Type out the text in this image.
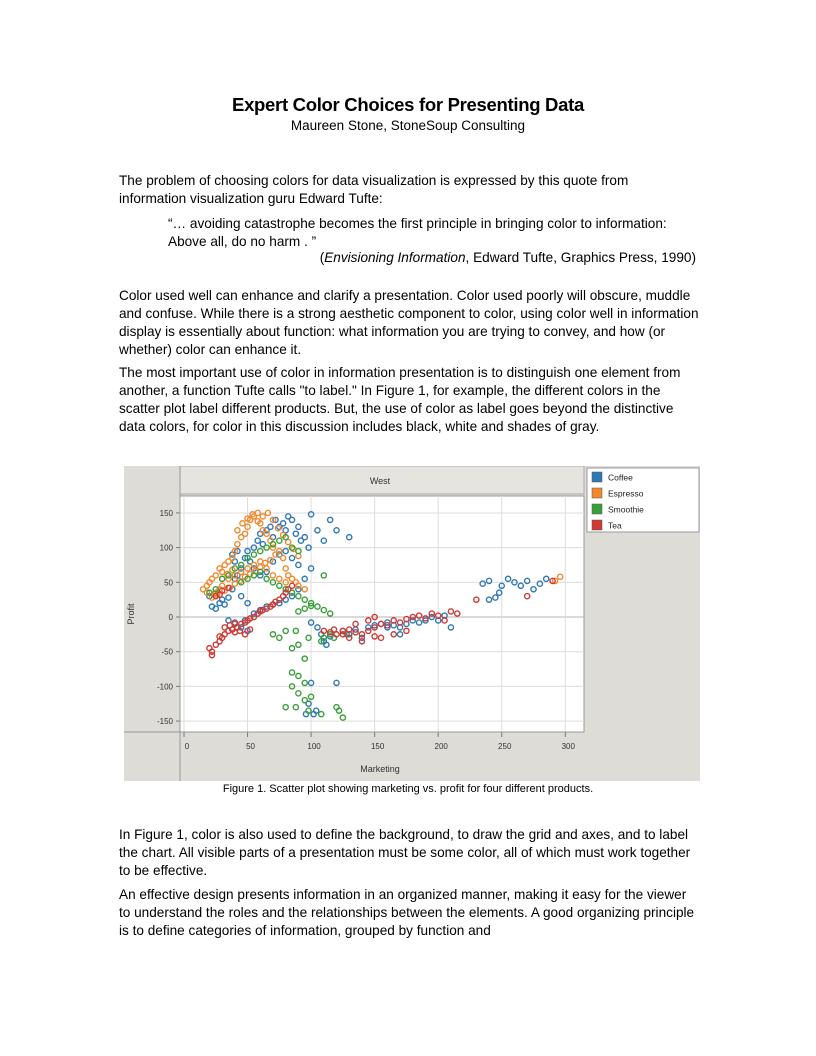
Expert Color Choices for Presenting Data
Maureen Stone, StoneSoup Consulting

The problem of choosing colors for data visualization is expressed by this quote from information visualization guru Edward Tufte:

“… avoiding catastrophe becomes the first principle in bringing color to information: Above all, do no harm . ”

(Envisioning Information, Edward Tufte, Graphics Press, 1990)

Color used well can enhance and clarify a presentation. Color used poorly will obscure, muddle and confuse. While there is a strong aesthetic component to color, using color well in information display is essentially about function: what information you are trying to convey, and how (or whether) color can enhance it.

The most important use of color in information presentation is to distinguish one element from another, a function Tufte calls "to label." In Figure 1, for example, the different colors in the scatter plot label different products. But, the use of color as label goes beyond the distinctive data colors, for color in this discussion includes black, white and shades of gray.

West
150
100
50
0
-50
-100
-150
0	50	100	150	200	250	300
Profit
Marketing
Coffee
Espresso
Smoothie
Tea
Figure 1. Scatter plot showing marketing vs. profit for four different products.

In Figure 1, color is also used to define the background, to draw the grid and axes, and to label the chart. All visible parts of a presentation must be some color, all of which must work together to be effective.

An effective design presents information in an organized manner, making it easy for the viewer to understand the roles and the relationships between the elements. A good organizing principle is to define categories of information, grouped by function and
